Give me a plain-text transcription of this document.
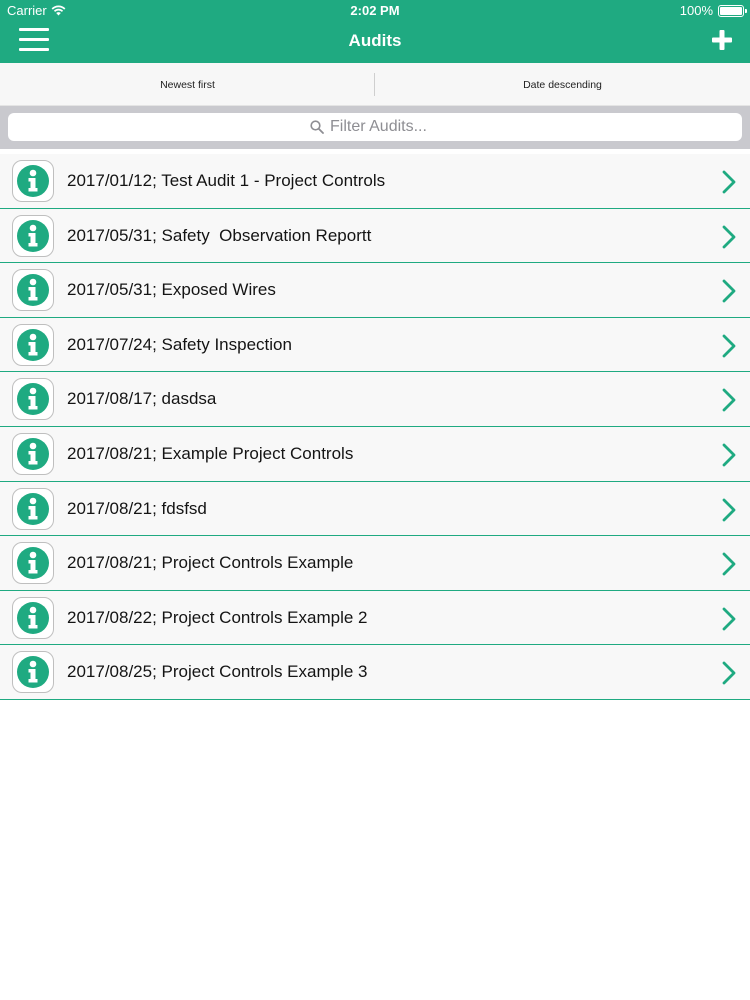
Carrier	2:02 PM	100%
Audits
Newest first	Date descending
Filter Audits...
2017/01/12; Test Audit 1 - Project Controls
2017/05/31; Safety  Observation Reportt
2017/05/31; Exposed Wires
2017/07/24; Safety Inspection
2017/08/17; dasdsa
2017/08/21; Example Project Controls
2017/08/21; fdsfsd
2017/08/21; Project Controls Example
2017/08/22; Project Controls Example 2
2017/08/25; Project Controls Example 3
